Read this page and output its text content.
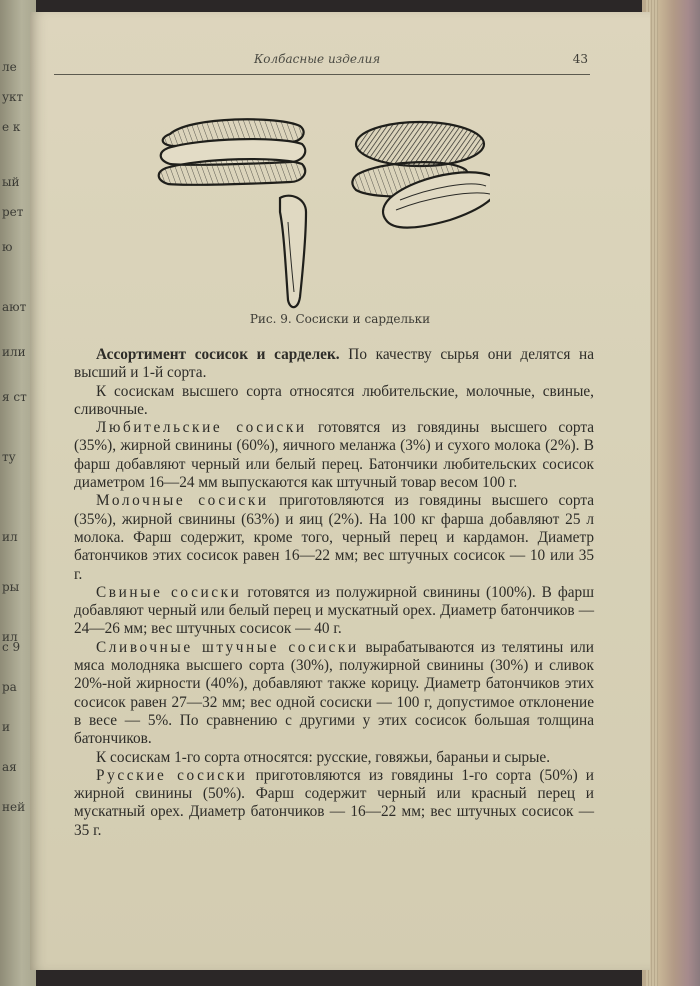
ле
укт
е к
ый
рет
ю
ают
или
я ст
ту
ил
ры
ил
ра
и
ая
ней
с 9
Колбасные изделия	43
Рис. 9. Сосиски и сардельки

Ассортимент сосисок и сарделек. По качеству сырья они делятся на высший и 1-й сорта.

К сосискам высшего сорта относятся любительские, молочные, свиные, сливочные.

Любительские сосиски готовятся из говядины высшего сорта (35%), жирной свинины (60%), яичного меланжа (3%) и сухого молока (2%). В фарш добавляют черный или белый перец. Батончики любительских сосисок диаметром 16—24 мм выпускаются как штучный товар весом 100 г.

Молочные сосиски приготовляются из говядины высшего сорта (35%), жирной свинины (63%) и яиц (2%). На 100 кг фарша добавляют 25 л молока. Фарш содержит, кроме того, черный перец и кардамон. Диаметр батончиков этих сосисок равен 16—22 мм; вес штучных сосисок — 10 или 35 г.

Свиные сосиски готовятся из полужирной свинины (100%). В фарш добавляют черный или белый перец и мускатный орех. Диаметр батончиков — 24—26 мм; вес штучных сосисок — 40 г.

Сливочные штучные сосиски вырабатываются из телятины или мяса молодняка высшего сорта (30%), полужирной свинины (30%) и сливок 20%-ной жирности (40%), добавляют также корицу. Диаметр батончиков этих сосисок равен 27—32 мм; вес одной сосиски — 100 г, допустимое отклонение в весе — 5%. По сравнению с другими у этих сосисок большая толщина батончиков.

К сосискам 1-го сорта относятся: русские, говяжьи, бараньи и сырые.

Русские сосиски приготовляются из говядины 1-го сорта (50%) и жирной свинины (50%). Фарш содержит черный или красный перец и мускатный орех. Диаметр батончиков — 16—22 мм; вес штучных сосисок — 35 г.
